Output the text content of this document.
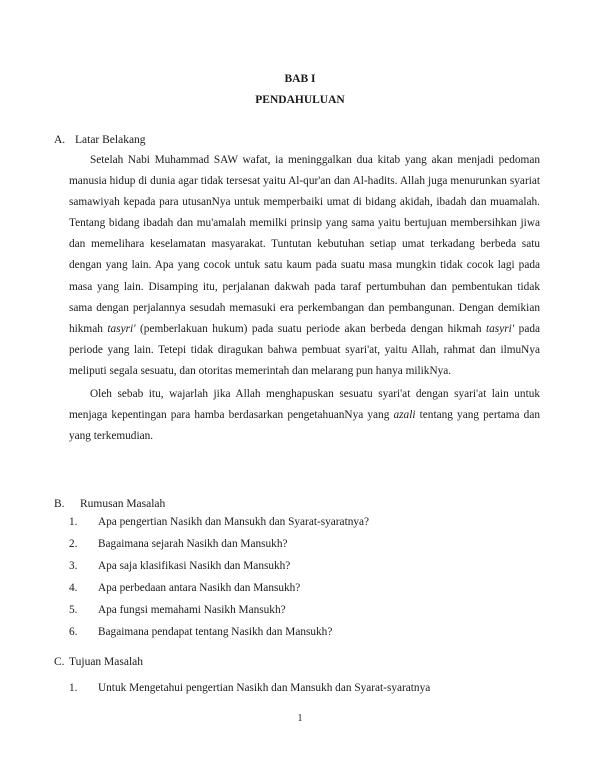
BAB I
PENDAHULUAN
A. Latar Belakang

Setelah Nabi Muhammad SAW wafat, ia meninggalkan dua kitab yang akan menjadi pedoman manusia hidup di dunia agar tidak tersesat yaitu Al-qur'an dan Al-hadits. Allah juga menurunkan syariat samawiyah kepada para utusanNya untuk memperbaiki umat di bidang akidah, ibadah dan muamalah. Tentang bidang ibadah dan mu'amalah memilki prinsip yang sama yaitu bertujuan membersihkan jiwa dan memelihara keselamatan masyarakat. Tuntutan kebutuhan setiap umat terkadang berbeda satu dengan yang lain. Apa yang cocok untuk satu kaum pada suatu masa mungkin tidak cocok lagi pada masa yang lain. Disamping itu, perjalanan dakwah pada taraf pertumbuhan dan pembentukan tidak sama dengan perjalannya sesudah memasuki era perkembangan dan pembangunan. Dengan demikian hikmah tasyri' (pemberlakuan hukum) pada suatu periode akan berbeda dengan hikmah tasyri' pada periode yang lain. Tetepi tidak diragukan bahwa pembuat syari'at, yaitu Allah, rahmat dan ilmuNya meliputi segala sesuatu, dan otoritas memerintah dan melarang pun hanya milikNya.

Oleh sebab itu, wajarlah jika Allah menghapuskan sesuatu syari'at dengan syari'at lain untuk menjaga kepentingan para hamba berdasarkan pengetahuanNya yang azali tentang yang pertama dan yang terkemudian.

B. Rumusan Masalah
1. Apa pengertian Nasikh dan Mansukh dan Syarat-syaratnya?
2. Bagaimana sejarah Nasikh dan Mansukh?
3. Apa saja klasifikasi Nasikh dan Mansukh?
4. Apa perbedaan antara Nasikh dan Mansukh?
5. Apa fungsi memahami Nasikh Mansukh?
6. Bagaimana pendapat tentang Nasikh dan Mansukh?
C. Tujuan Masalah
1. Untuk Mengetahui pengertian Nasikh dan Mansukh dan Syarat-syaratnya
1
